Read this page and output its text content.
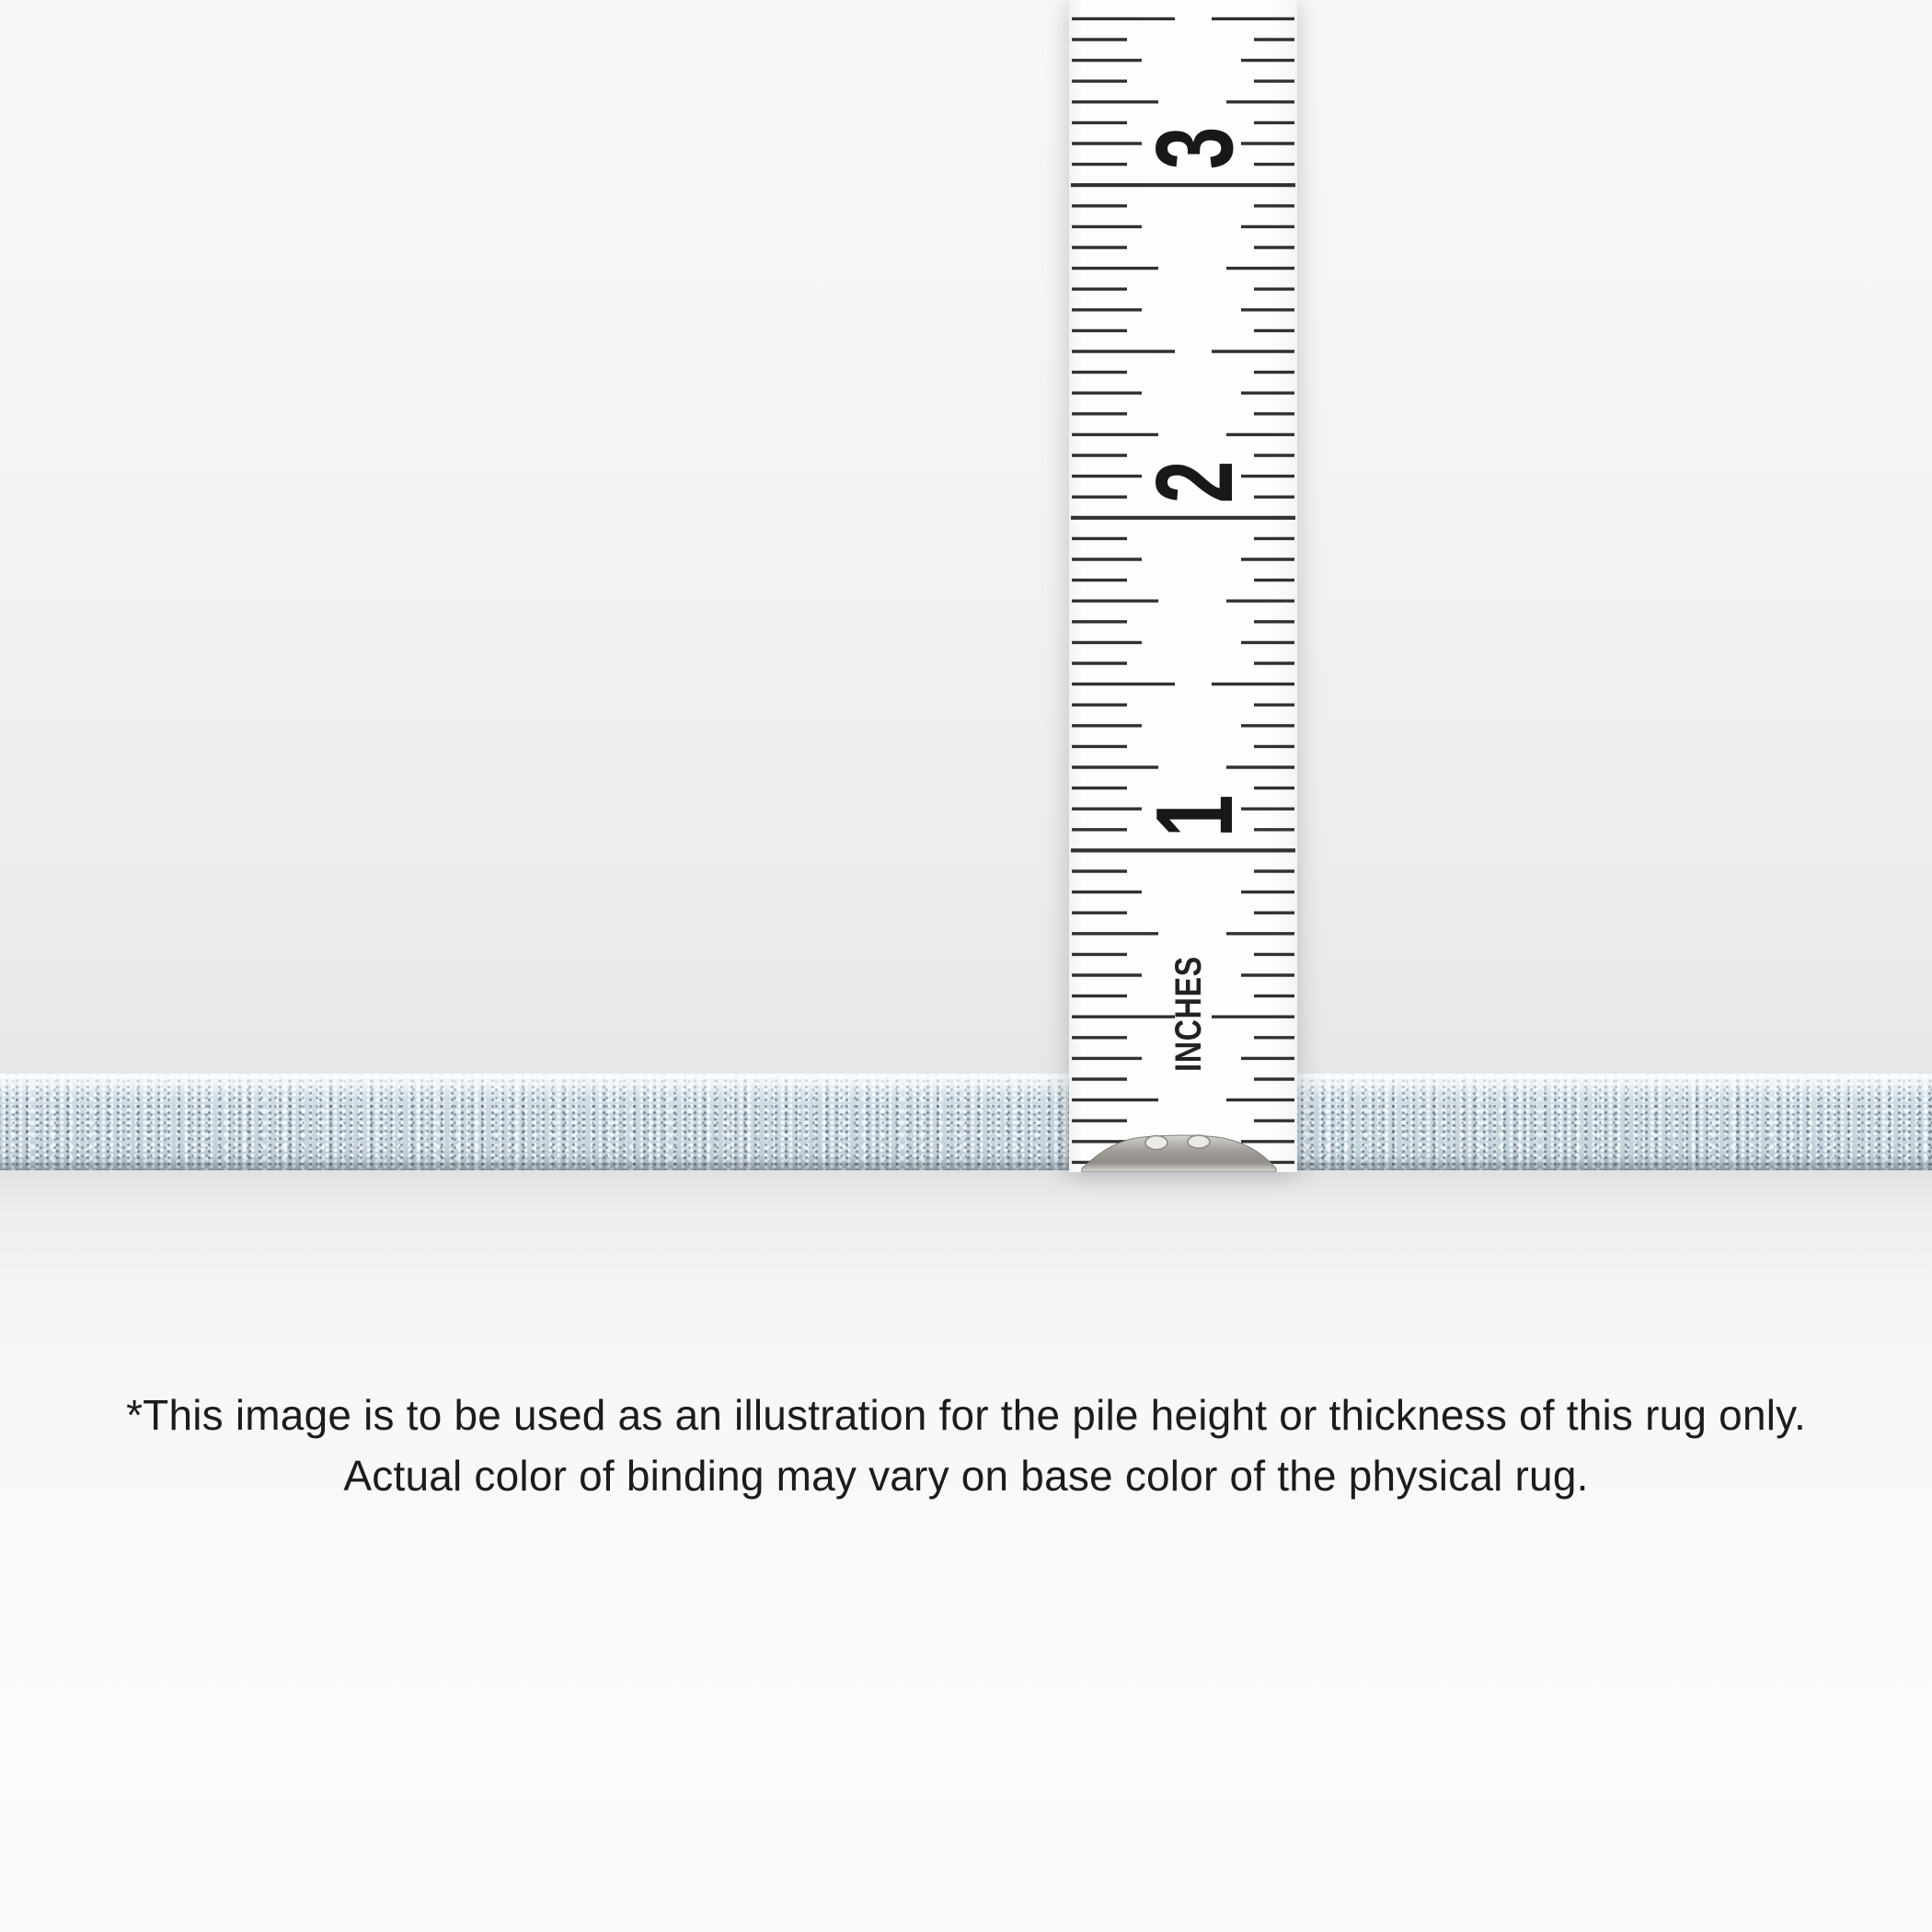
3
2
1
INCHES
*This image is to be used as an illustration for the pile height or thickness of this rug only.
Actual color of binding may vary on base color of the physical rug.
